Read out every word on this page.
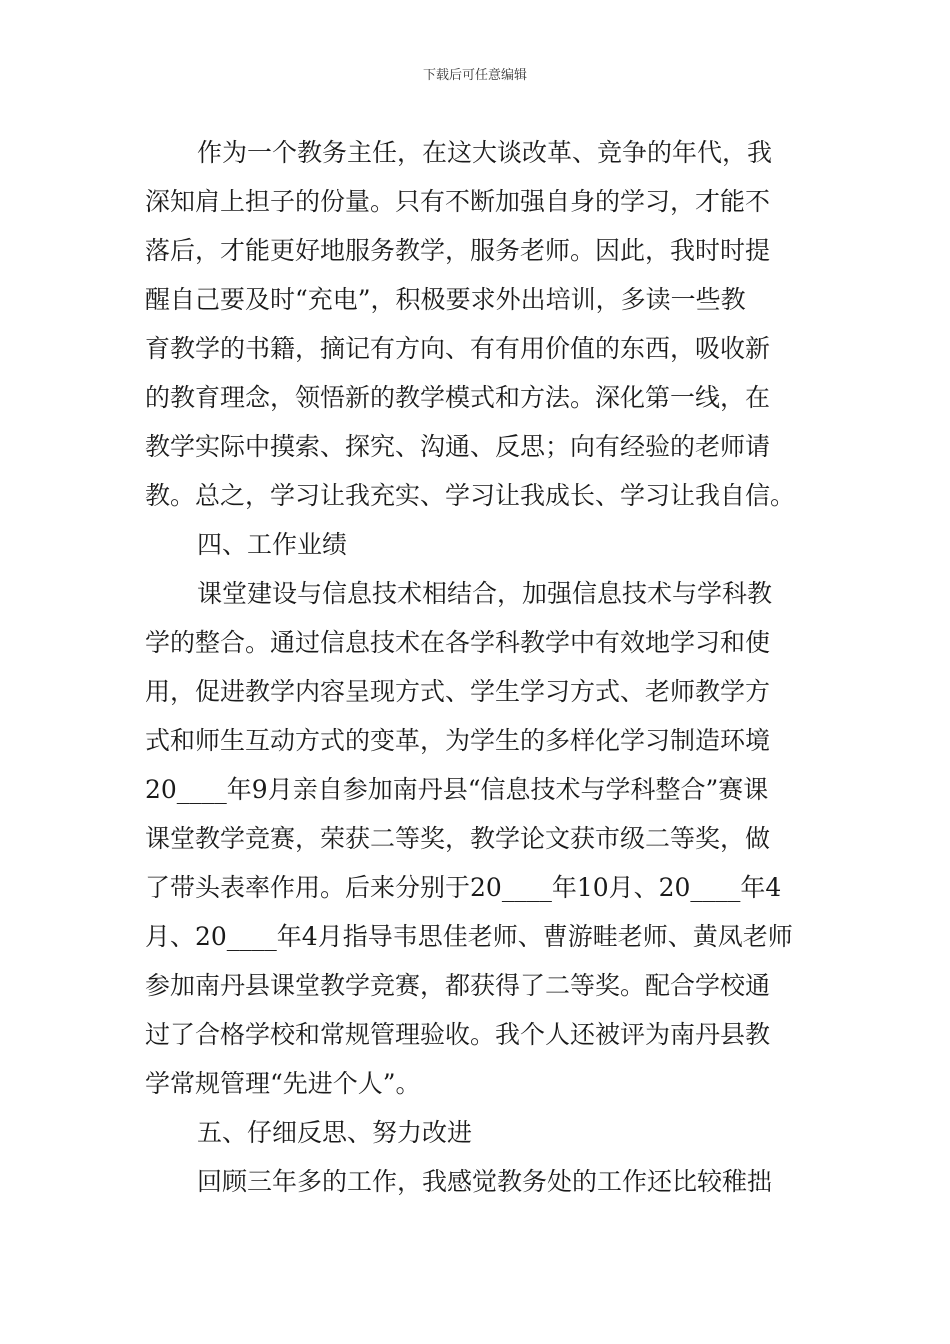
下载后可任意编辑
作为一个教务主任，在这大谈改革、竞争的年代，我
深知肩上担子的份量。只有不断加强自身的学习，才能不
落后，才能更好地服务教学，服务老师。因此，我时时提
醒自己要及时“充电”，积极要求外出培训，多读一些教
育教学的书籍，摘记有方向、有有用价值的东西，吸收新
的教育理念，领悟新的教学模式和方法。深化第一线，在
教学实际中摸索、探究、沟通、反思；向有经验的老师请
教。总之，学习让我充实、学习让我成长、学习让我自信。
四、工作业绩
课堂建设与信息技术相结合，加强信息技术与学科教
学的整合。通过信息技术在各学科教学中有效地学习和使
用，促进教学内容呈现方式、学生学习方式、老师教学方
式和师生互动方式的变革，为学生的多样化学习制造环境
20____年9月亲自参加南丹县“信息技术与学科整合”赛课
课堂教学竞赛，荣获二等奖，教学论文获市级二等奖，做
了带头表率作用。后来分别于20____年10月、20____年4
月、20____年4月指导韦思佳老师、曹游畦老师、黄凤老师
参加南丹县课堂教学竞赛，都获得了二等奖。配合学校通
过了合格学校和常规管理验收。我个人还被评为南丹县教
学常规管理“先进个人”。
五、仔细反思、努力改进
回顾三年多的工作，我感觉教务处的工作还比较稚拙
